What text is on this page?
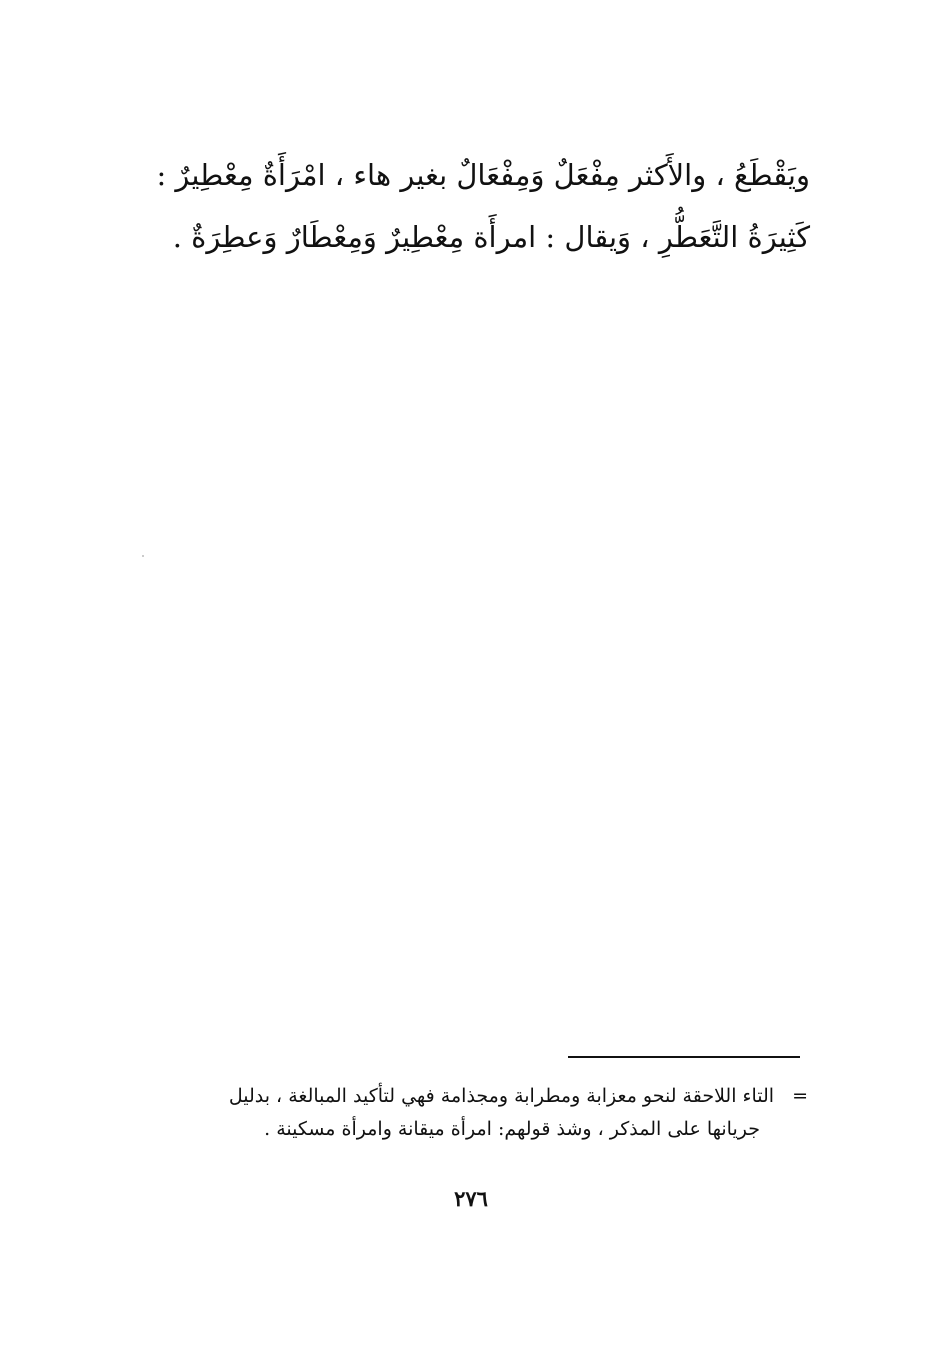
ويَقْطَعُ ، والأَكثر مِفْعَلٌ وَمِفْعَالٌ بغير هاء ، امْرَأَةٌ مِعْطِيرٌ :
كَثِيرَةُ التَّعَطُّرِ ، وَيقال : امرأَة مِعْطِيرٌ وَمِعْطَارٌ وَعطِرَةٌ .
=التاء اللاحقة لنحو معزابة ومطرابة ومجذامة فهي لتأكيد المبالغة ، بدليل
جريانها على المذكر ، وشذ قولهم: امرأة ميقانة وامرأة مسكينة .
٢٧٦
